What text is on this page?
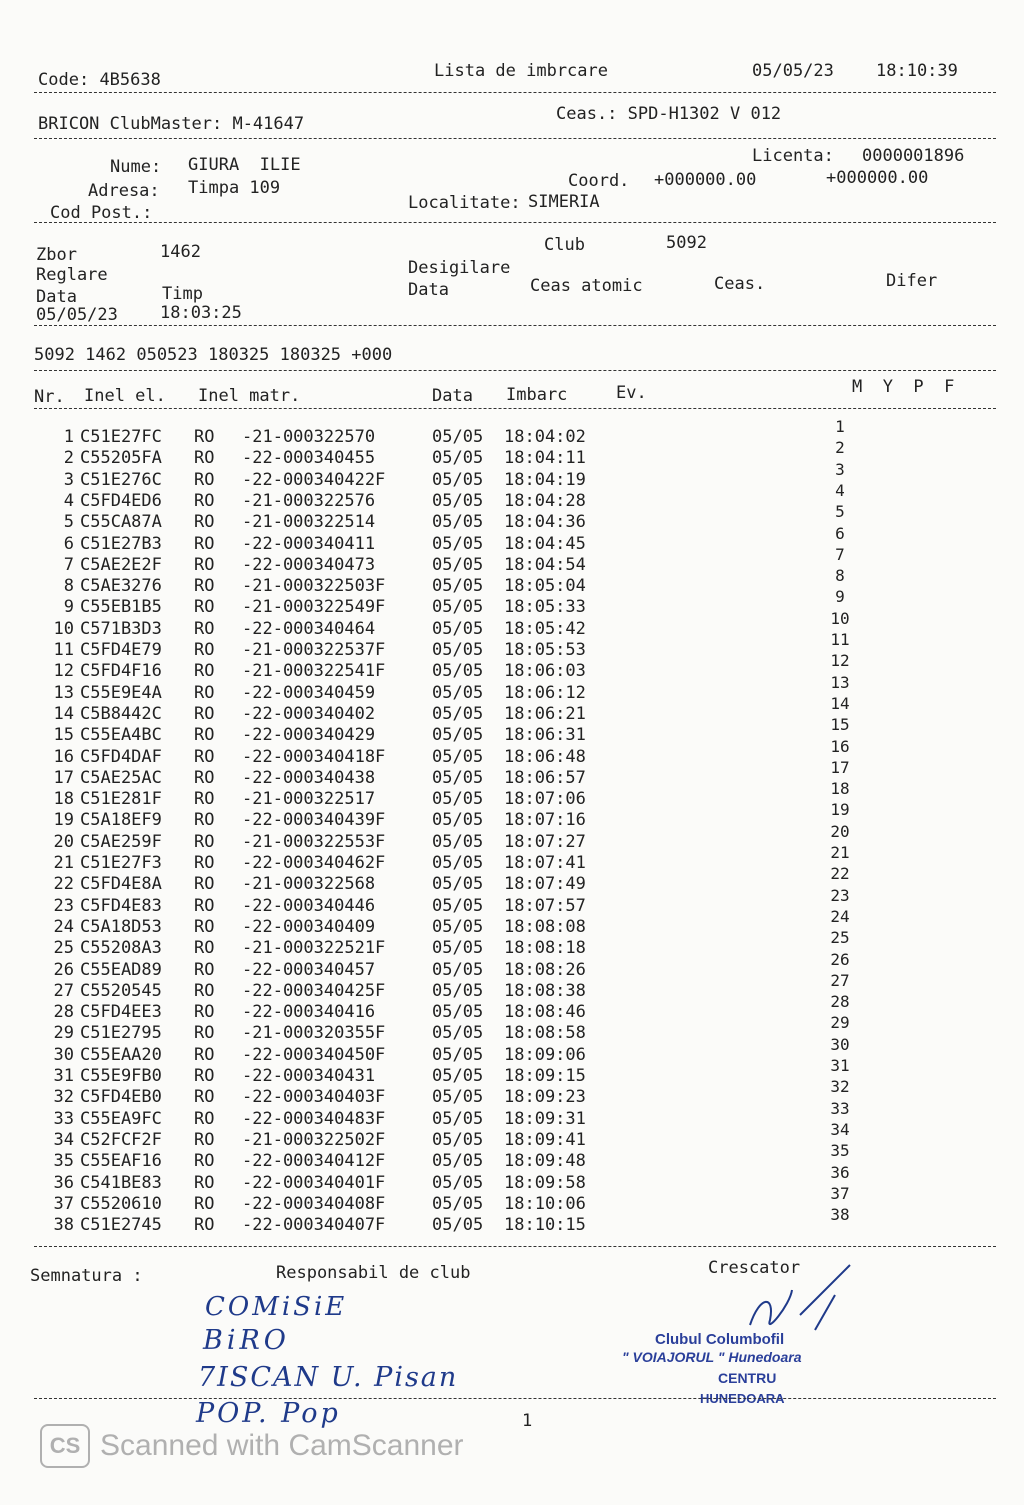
Code: 4B5638	Lista de imbrcare	05/05/23 18:10:39
BRICON ClubMaster: M-41647	Ceas.: SPD-H1302 V 012
Nume: GIURA  ILIE
Adresa: Timpa 109
Cod Post.:
Licenta: 0000001896
Coord. +000000.00	+000000.00
Localitate: SIMERIA
Zbor	1462	Club	5092
Reglare	Desigilare
Data	Timp	Data	Ceas atomic	Ceas.	Difer
05/05/23 18:03:25
5092 1462 050523 180325 180325 +000
Nr. Inel el. Inel matr.	Data Imbarc	Ev.	M  Y  P  F
1 C51E27FC RO -21-000322570	05/05 18:04:02
1
2 C55205FA RO -22-000340455	05/05 18:04:11
2
3 C51E276C RO -22-000340422F	05/05 18:04:19
3
4 C5FD4ED6 RO -21-000322576	05/05 18:04:28
4
5 C55CA87A RO -21-000322514	05/05 18:04:36
5
6 C51E27B3 RO -22-000340411	05/05 18:04:45
6
7 C5AE2E2F RO -22-000340473	05/05 18:04:54
7
8 C5AE3276 RO -21-000322503F	05/05 18:05:04
8
9 C55EB1B5 RO -21-000322549F	05/05 18:05:33
9
10 C571B3D3 RO -22-000340464	05/05 18:05:42
10
11 C5FD4E79 RO -21-000322537F	05/05 18:05:53
11
12 C5FD4F16 RO -21-000322541F	05/05 18:06:03
12
13 C55E9E4A RO -22-000340459	05/05 18:06:12
13
14 C5B8442C RO -22-000340402	05/05 18:06:21
14
15 C55EA4BC RO -22-000340429	05/05 18:06:31
15
16 C5FD4DAF RO -22-000340418F	05/05 18:06:48
16
17 C5AE25AC RO -22-000340438	05/05 18:06:57
17
18 C51E281F RO -21-000322517	05/05 18:07:06
18
19 C5A18EF9 RO -22-000340439F	05/05 18:07:16
19
20 C5AE259F RO -21-000322553F	05/05 18:07:27
20
21 C51E27F3 RO -22-000340462F	05/05 18:07:41
21
22 C5FD4E8A RO -21-000322568	05/05 18:07:49
22
23 C5FD4E83 RO -22-000340446	05/05 18:07:57
23
24 C5A18D53 RO -22-000340409	05/05 18:08:08
24
25 C55208A3 RO -21-000322521F	05/05 18:08:18
25
26 C55EAD89 RO -22-000340457	05/05 18:08:26
26
27 C5520545 RO -22-000340425F	05/05 18:08:38
27
28 C5FD4EE3 RO -22-000340416	05/05 18:08:46
28
29 C51E2795 RO -21-000320355F	05/05 18:08:58
29
30 C55EAA20 RO -22-000340450F	05/05 18:09:06
30
31 C55E9FB0 RO -22-000340431	05/05 18:09:15
31
32 C5FD4EB0 RO -22-000340403F	05/05 18:09:23
32
33 C55EA9FC RO -22-000340483F	05/05 18:09:31
33
34 C52FCF2F RO -21-000322502F	05/05 18:09:41
34
35 C55EAF16 RO -22-000340412F	05/05 18:09:48
35
36 C541BE83 RO -22-000340401F	05/05 18:09:58
36
37 C5520610 RO -22-000340408F	05/05 18:10:06
37
38 C51E2745 RO -22-000340407F	05/05 18:10:15
38
Semnatura :	Responsabil de club	Crescator
COMiSiE
BiRO
7ISCAN U. Pisan
POP. Pop
Clubul Columbofil
" VOIAJORUL " Hunedoara
CENTRU
HUNEDOARA
1
CS Scanned with CamScanner
